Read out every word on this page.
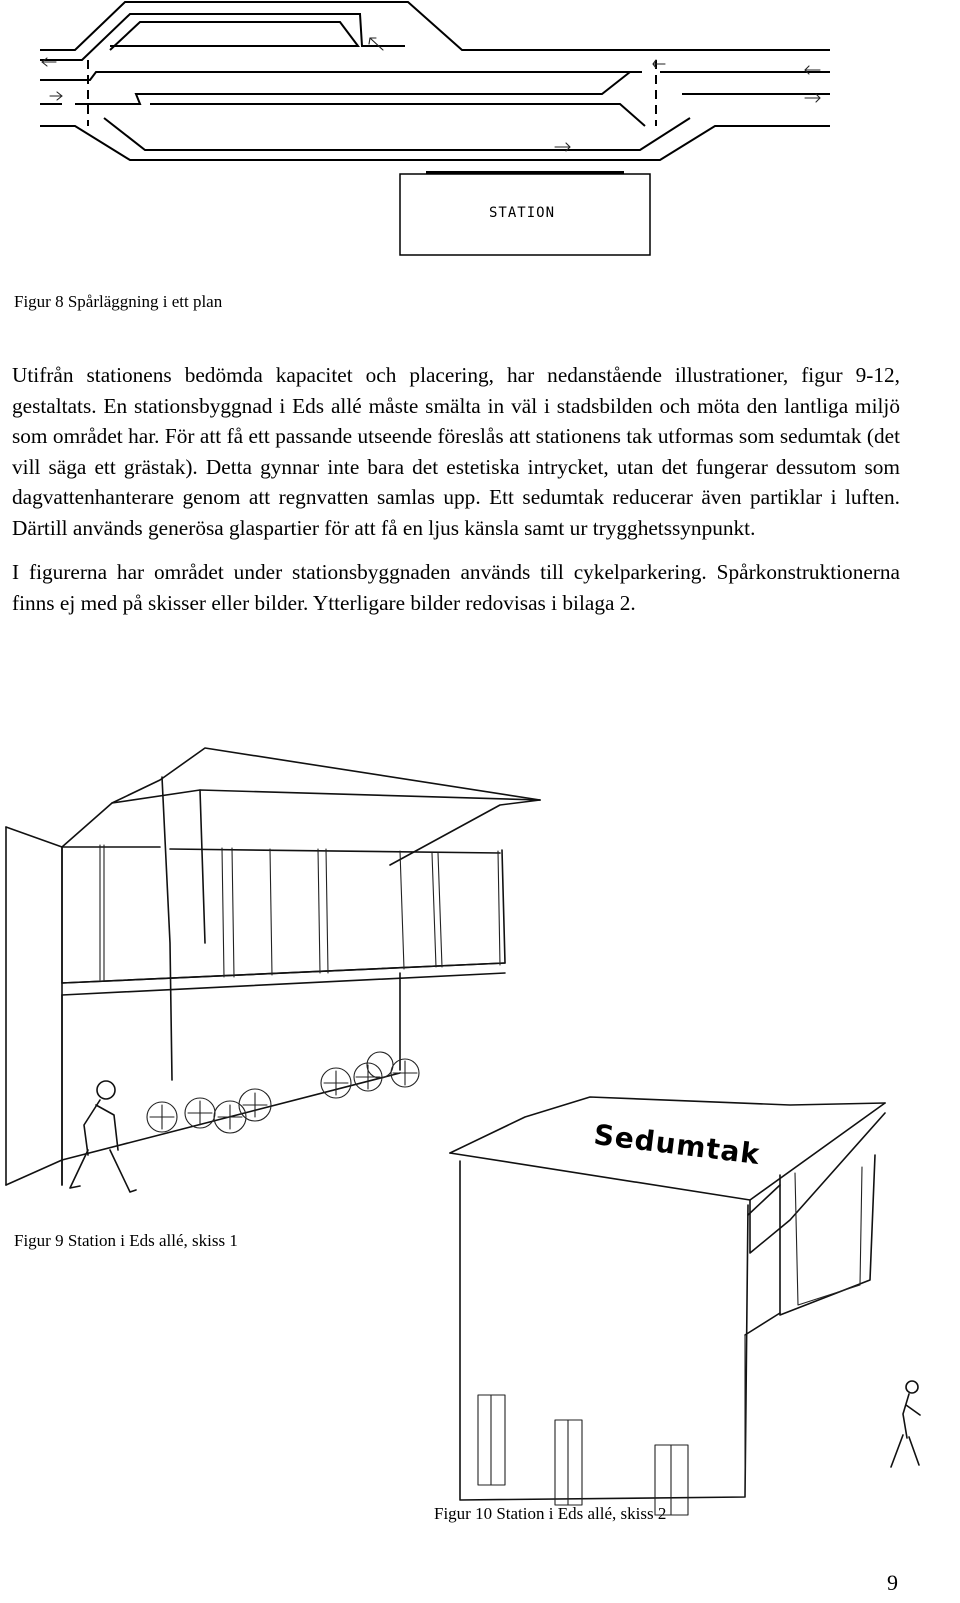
STATION
Figur 8 Spårläggning i ett plan

Utifrån stationens bedömda kapacitet och placering, har nedanstående illustrationer, figur 9-12, gestaltats. En stationsbyggnad i Eds allé måste smälta in väl i stadsbilden och möta den lantliga miljö som området har. För att få ett passande utseende föreslås att stationens tak utformas som sedumtak (det vill säga ett grästak). Detta gynnar inte bara det estetiska intrycket, utan det fungerar dessutom som dagvattenhanterare genom att regnvatten samlas upp. Ett sedumtak reducerar även partiklar i luften. Därtill används generösa glaspartier för att få en ljus känsla samt ur trygghetssynpunkt.

I figurerna har området under stationsbyggnaden används till cykelparkering. Spårkonstruktionerna finns ej med på skisser eller bilder. Ytterligare bilder redovisas i bilaga 2.

Figur 9 Station i Eds allé, skiss 1
Sedumtak
Figur 10 Station i Eds allé, skiss 2
9
